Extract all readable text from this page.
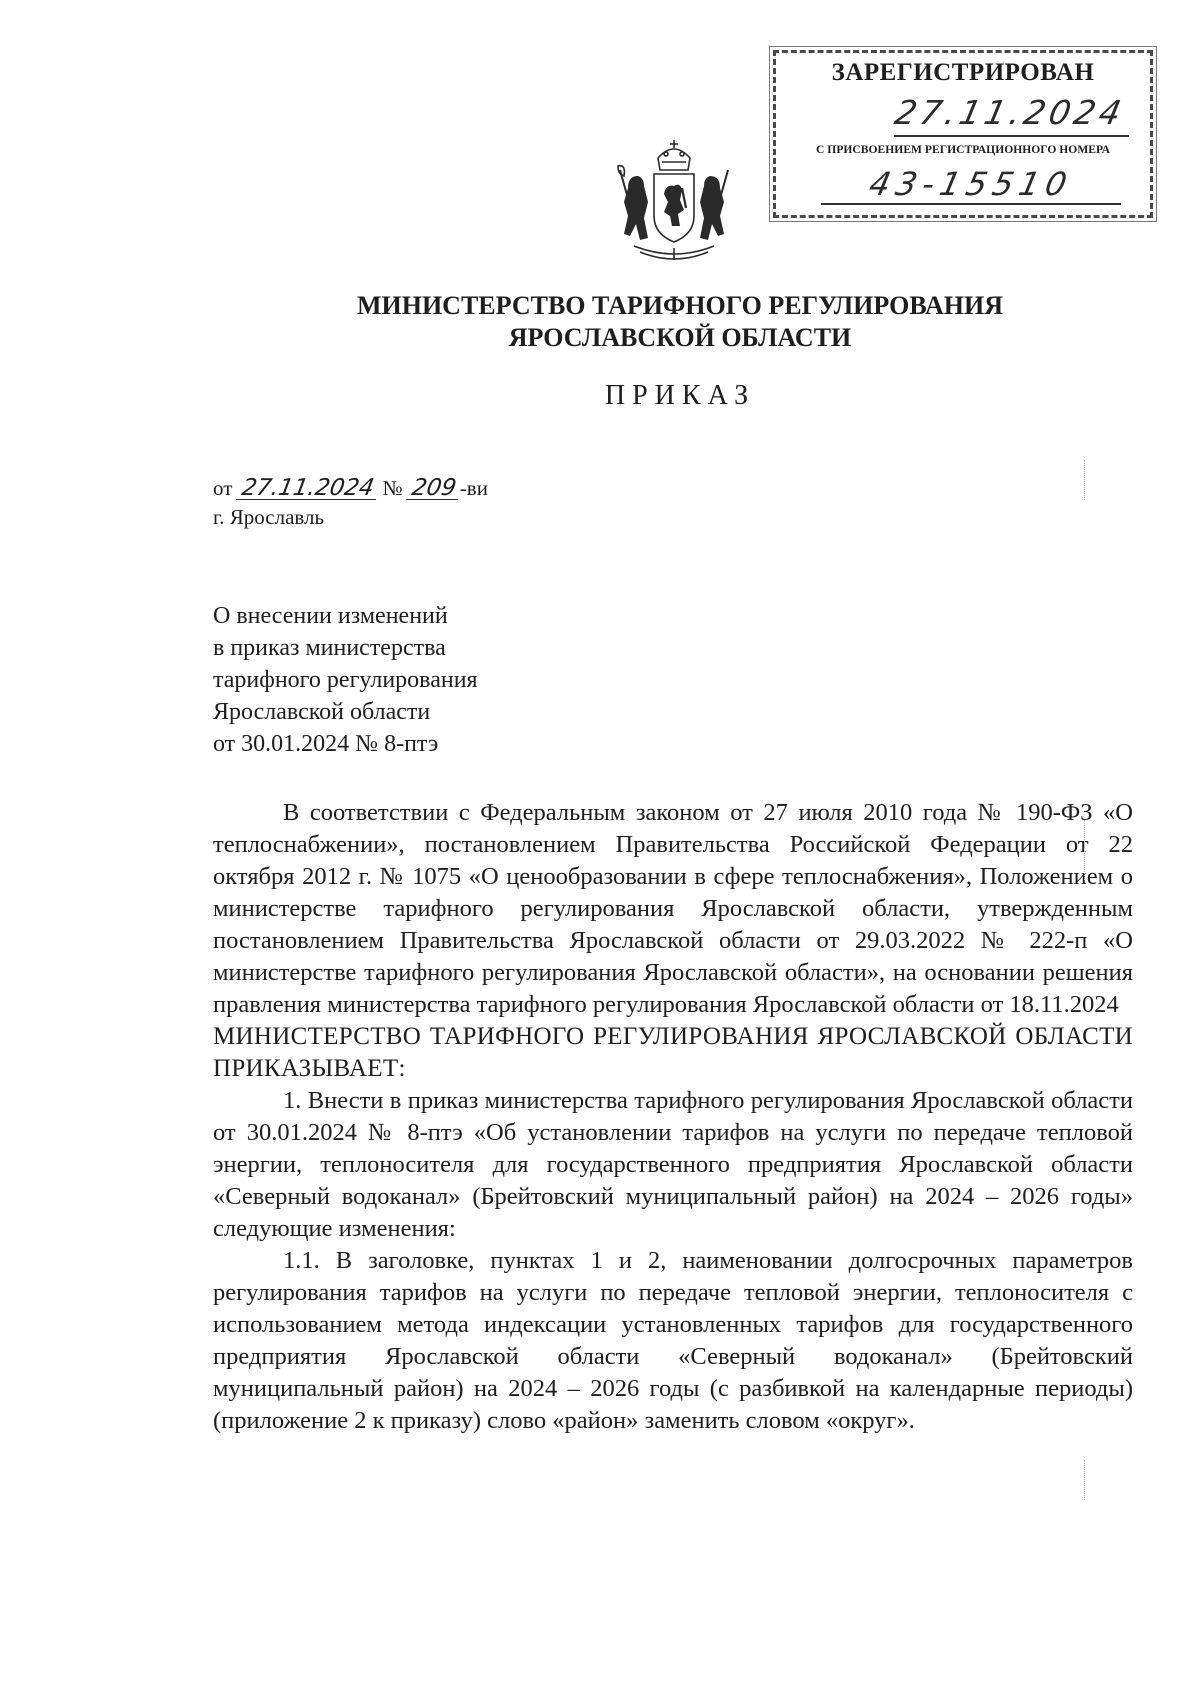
ЗАРЕГИСТРИРОВАН
27.11.2024
С ПРИСВОЕНИЕМ РЕГИСТРАЦИОННОГО НОМЕРА
43-15510
МИНИСТЕРСТВО ТАРИФНОГО РЕГУЛИРОВАНИЯ
ЯРОСЛАВСКОЙ ОБЛАСТИ
ПРИКАЗ
от 27.11.2024 № 209-ви
г. Ярославль
О внесении изменений
в приказ министерства
тарифного регулирования
Ярославской области
от 30.01.2024 № 8-птэ

В соответствии с Федеральным законом от 27 июля 2010 года № 190-ФЗ «О теплоснабжении», постановлением Правительства Российской Федерации от 22 октября 2012 г. № 1075 «О ценообразовании в сфере теплоснабжения», Положением о министерстве тарифного регулирования Ярославской области, утвержденным постановлением Правительства Ярославской области от 29.03.2022 № 222-п «О министерстве тарифного регулирования Ярославской области», на основании решения правления министерства тарифного регулирования Ярославской области от 18.11.2024

МИНИСТЕРСТВО ТАРИФНОГО РЕГУЛИРОВАНИЯ ЯРОСЛАВСКОЙ ОБЛАСТИ ПРИКАЗЫВАЕТ:

1. Внести в приказ министерства тарифного регулирования Ярославской области от 30.01.2024 № 8-птэ «Об установлении тарифов на услуги по передаче тепловой энергии, теплоносителя для государственного предприятия Ярославской области «Северный водоканал» (Брейтовский муниципальный район) на 2024 – 2026 годы» следующие изменения:

1.1. В заголовке, пунктах 1 и 2, наименовании долгосрочных параметров регулирования тарифов на услуги по передаче тепловой энергии, теплоносителя с использованием метода индексации установленных тарифов для государственного предприятия Ярославской области «Северный водоканал» (Брейтовский муниципальный район) на 2024 – 2026 годы (с разбивкой на календарные периоды) (приложение 2 к приказу) слово «район» заменить словом «округ».
